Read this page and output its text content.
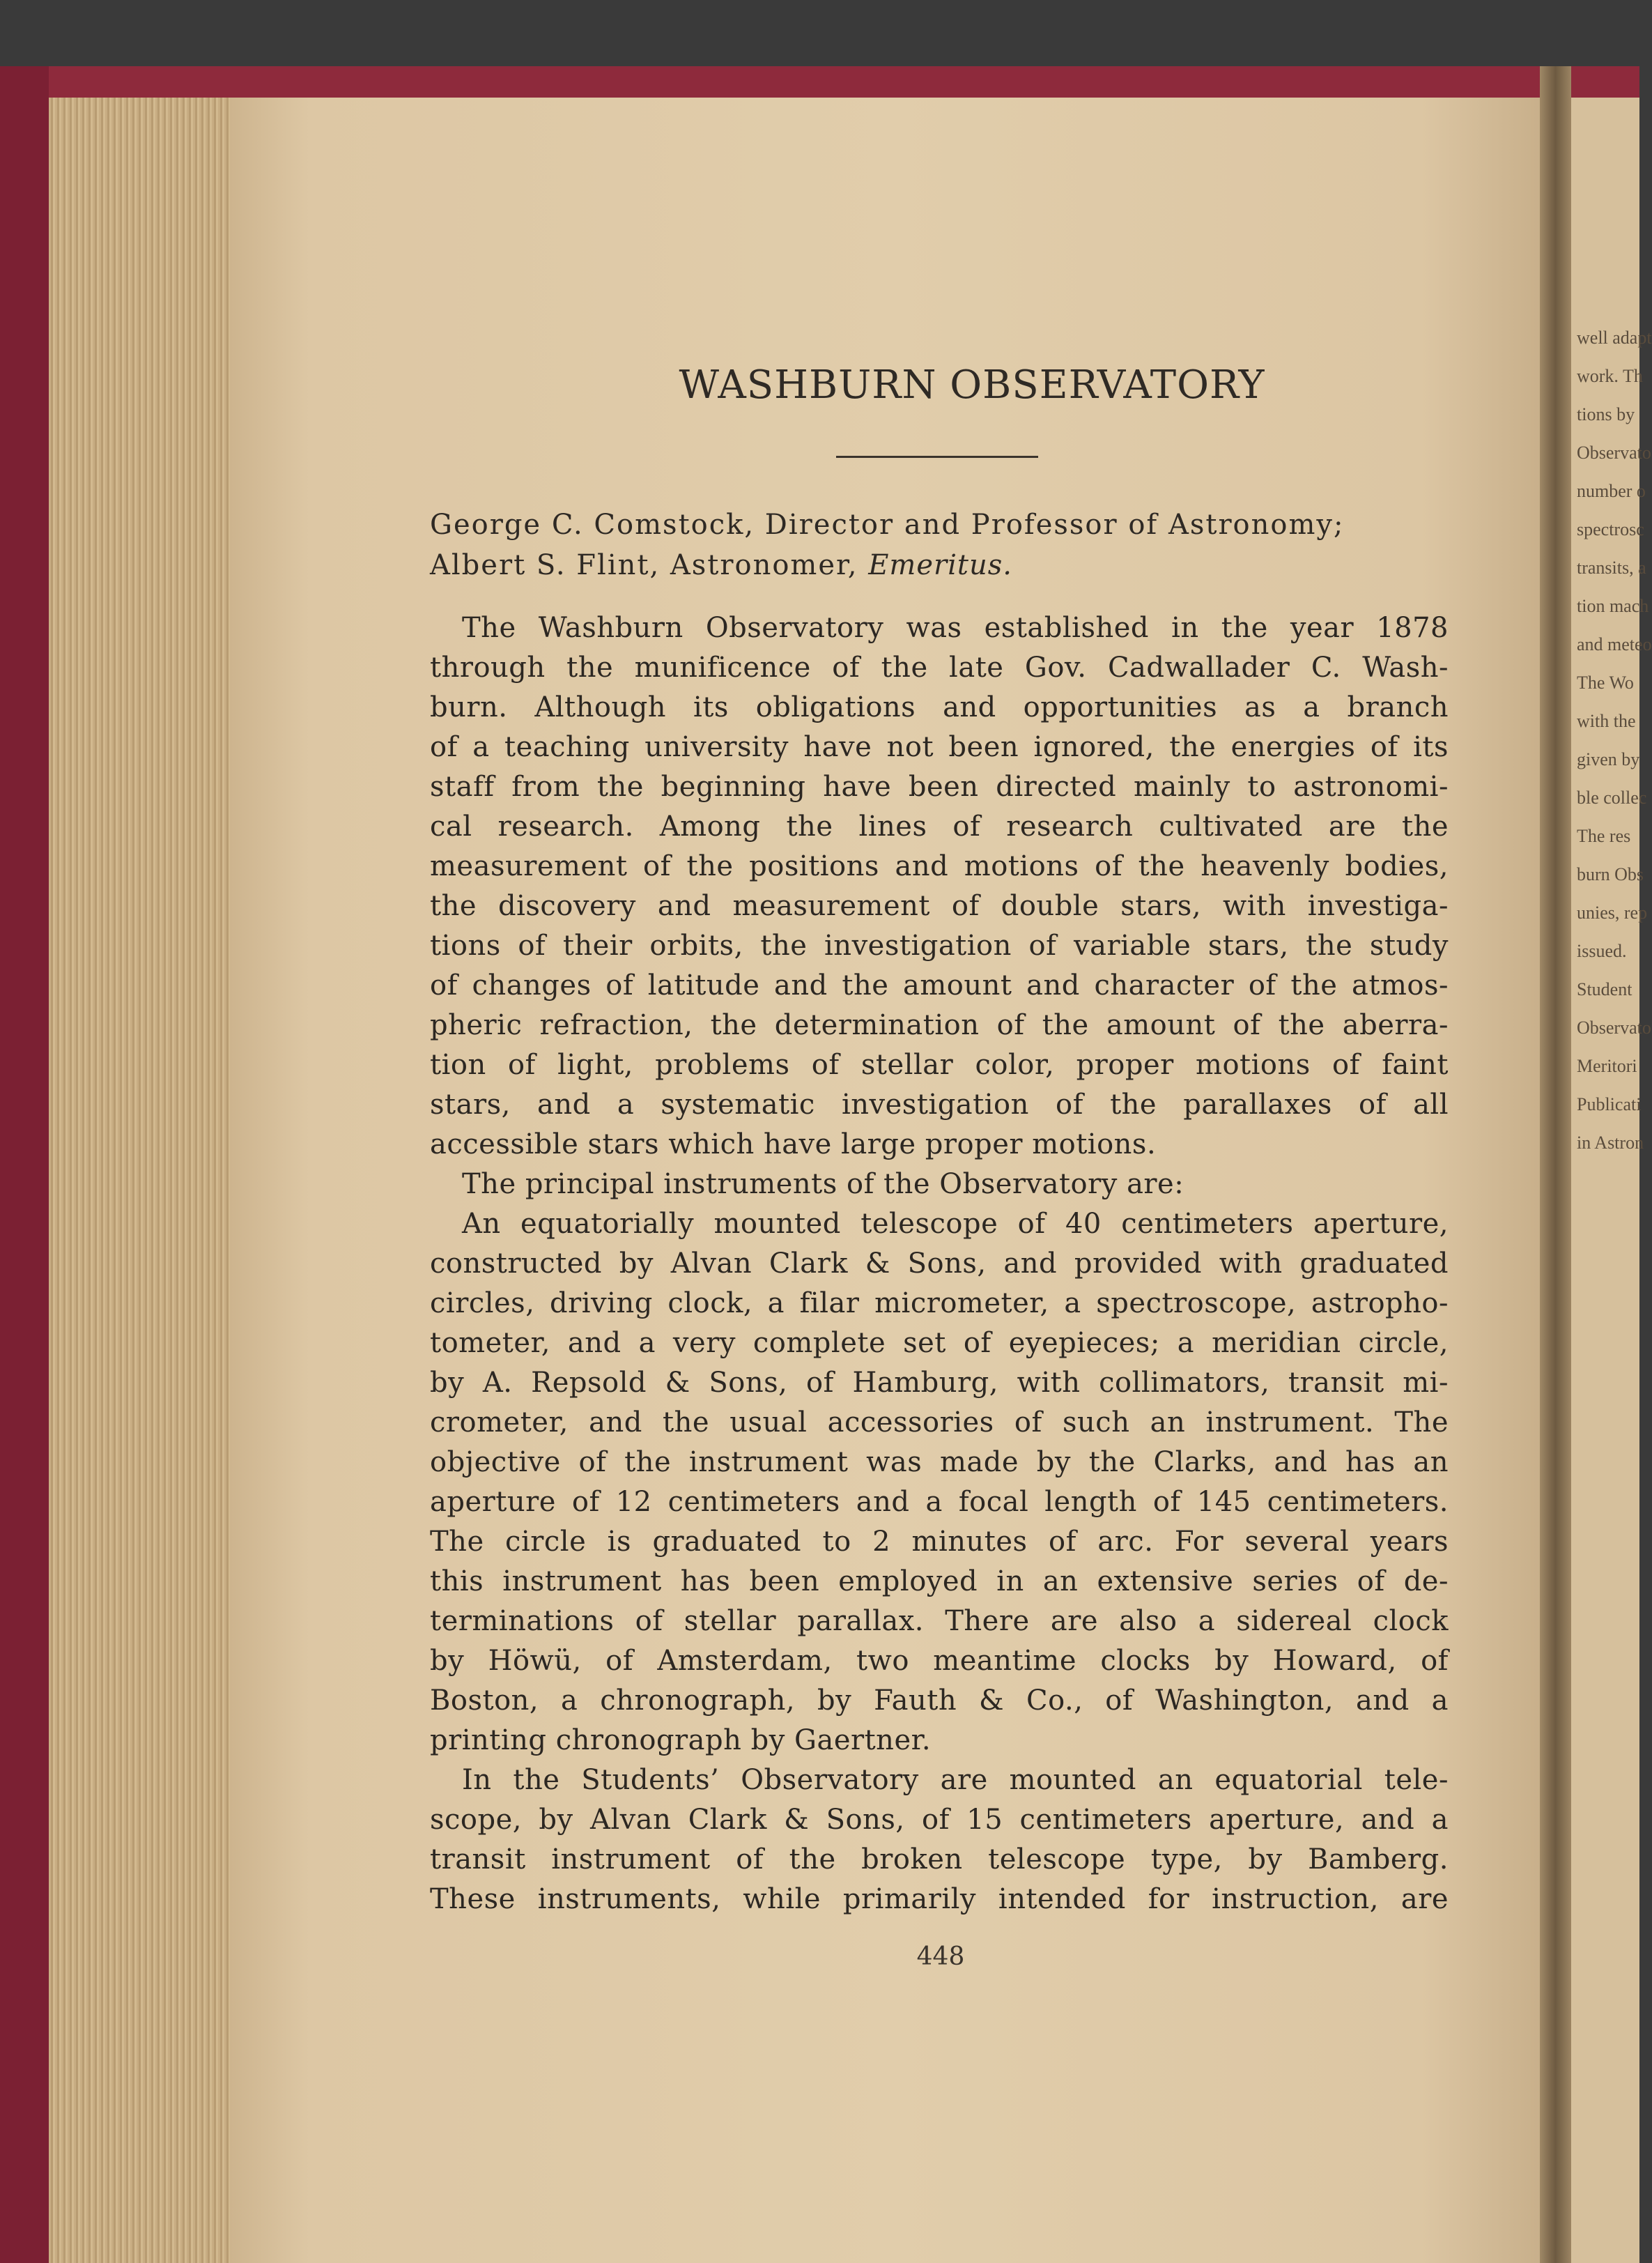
well adapt
work. Th
tions by
Observato
number o
spectrosc
transits, a
tion mach
and meteo
The Wo
with the
given by
ble collec
The res
burn Obs
unies, rep
issued.
Student
Observato
Meritori
Publicati
in Astron
WASHBURN OBSERVATORY
George C. Comstock, Director and Professor of Astronomy;
Albert S. Flint, Astronomer, Emeritus.
The Washburn Observatory was established in the year 1878
through the munificence of the late Gov. Cadwallader C. Wash-
burn. Although its obligations and opportunities as a branch
of a teaching university have not been ignored, the energies of its
staff from the beginning have been directed mainly to astronomi-
cal research. Among the lines of research cultivated are the
measurement of the positions and motions of the heavenly bodies,
the discovery and measurement of double stars, with investiga-
tions of their orbits, the investigation of variable stars, the study
of changes of latitude and the amount and character of the atmos-
pheric refraction, the determination of the amount of the aberra-
tion of light, problems of stellar color, proper motions of faint
stars, and a systematic investigation of the parallaxes of all
accessible stars which have large proper motions.
The principal instruments of the Observatory are:
An equatorially mounted telescope of 40 centimeters aperture,
constructed by Alvan Clark & Sons, and provided with graduated
circles, driving clock, a filar micrometer, a spectroscope, astropho-
tometer, and a very complete set of eyepieces; a meridian circle,
by A. Repsold & Sons, of Hamburg, with collimators, transit mi-
crometer, and the usual accessories of such an instrument. The
objective of the instrument was made by the Clarks, and has an
aperture of 12 centimeters and a focal length of 145 centimeters.
The circle is graduated to 2 minutes of arc. For several years
this instrument has been employed in an extensive series of de-
terminations of stellar parallax. There are also a sidereal clock
by Höwü, of Amsterdam, two meantime clocks by Howard, of
Boston, a chronograph, by Fauth & Co., of Washington, and a
printing chronograph by Gaertner.
In the Students’ Observatory are mounted an equatorial tele-
scope, by Alvan Clark & Sons, of 15 centimeters aperture, and a
transit instrument of the broken telescope type, by Bamberg.
These instruments, while primarily intended for instruction, are
448
